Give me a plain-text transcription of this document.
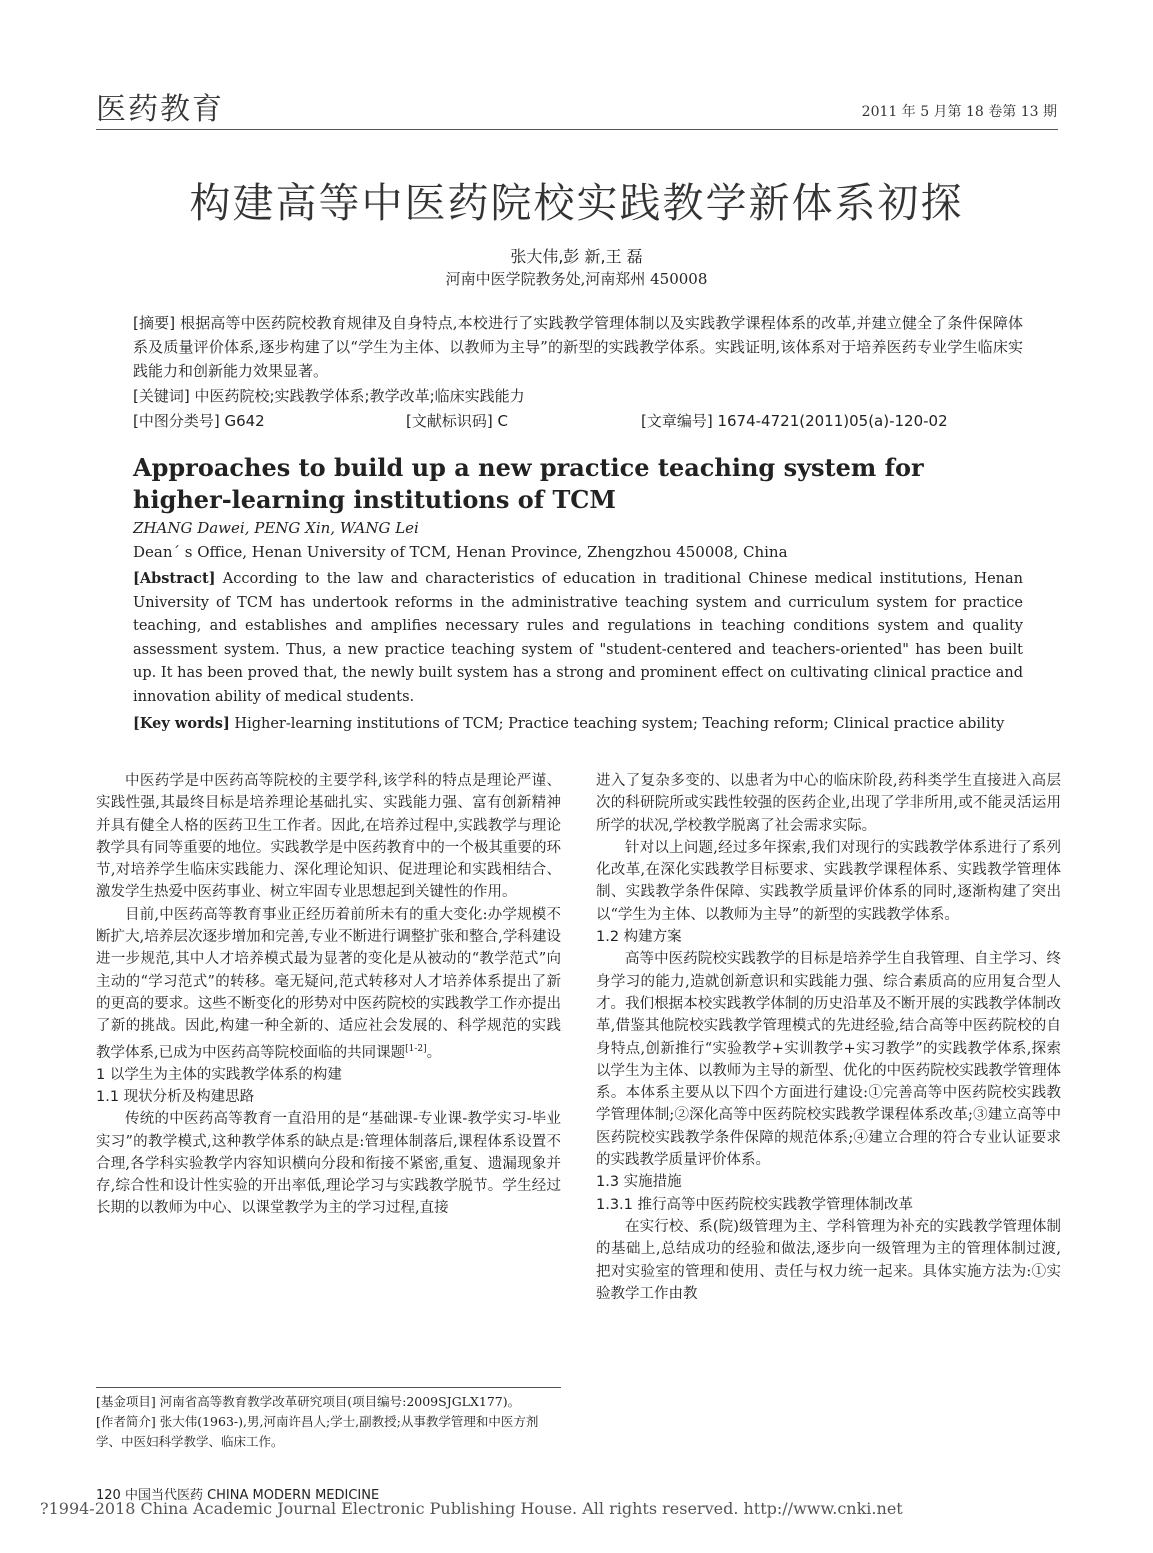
医药教育	2011 年 5 月第 18 卷第 13 期
构建高等中医药院校实践教学新体系初探
张大伟,彭 新,王 磊
河南中医学院教务处,河南郑州 450008
[摘要] 根据高等中医药院校教育规律及自身特点,本校进行了实践教学管理体制以及实践教学课程体系的改革,并建立健全了条件保障体系及质量评价体系,逐步构建了以“学生为主体、以教师为主导”的新型的实践教学体系。实践证明,该体系对于培养医药专业学生临床实践能力和创新能力效果显著。
[关键词] 中医药院校;实践教学体系;教学改革;临床实践能力
[中图分类号] G642	[文献标识码] C	[文章编号] 1674-4721(2011)05(a)-120-02
Approaches to build up a new practice teaching system for higher-learning institutions of TCM
ZHANG Dawei, PENG Xin, WANG Lei
Dean´ s Office, Henan University of TCM, Henan Province, Zhengzhou 450008, China
[Abstract] According to the law and characteristics of education in traditional Chinese medical institutions, Henan University of TCM has undertook reforms in the administrative teaching system and curriculum system for practice teaching, and establishes and amplifies necessary rules and regulations in teaching conditions system and quality assessment system. Thus, a new practice teaching system of "student-centered and teachers-oriented" has been built up. It has been proved that, the newly built system has a strong and prominent effect on cultivating clinical practice and innovation ability of medical students.
[Key words] Higher-learning institutions of TCM; Practice teaching system; Teaching reform; Clinical practice ability

中医药学是中医药高等院校的主要学科,该学科的特点是理论严谨、实践性强,其最终目标是培养理论基础扎实、实践能力强、富有创新精神并具有健全人格的医药卫生工作者。因此,在培养过程中,实践教学与理论教学具有同等重要的地位。实践教学是中医药教育中的一个极其重要的环节,对培养学生临床实践能力、深化理论知识、促进理论和实践相结合、激发学生热爱中医药事业、树立牢固专业思想起到关键性的作用。

目前,中医药高等教育事业正经历着前所未有的重大变化:办学规模不断扩大,培养层次逐步增加和完善,专业不断进行调整扩张和整合,学科建设进一步规范,其中人才培养模式最为显著的变化是从被动的“教学范式”向主动的“学习范式”的转移。毫无疑问,范式转移对人才培养体系提出了新的更高的要求。这些不断变化的形势对中医药院校的实践教学工作亦提出了新的挑战。因此,构建一种全新的、适应社会发展的、科学规范的实践教学体系,已成为中医药高等院校面临的共同课题[1-2]。

1 以学生为主体的实践教学体系的构建

1.1 现状分析及构建思路

传统的中医药高等教育一直沿用的是“基础课-专业课-教学实习-毕业实习”的教学模式,这种教学体系的缺点是:管理体制落后,课程体系设置不合理,各学科实验教学内容知识横向分段和衔接不紧密,重复、遗漏现象并存,综合性和设计性实验的开出率低,理论学习与实践教学脱节。学生经过长期的以教师为中心、以课堂教学为主的学习过程,直接

进入了复杂多变的、以患者为中心的临床阶段,药科类学生直接进入高层次的科研院所或实践性较强的医药企业,出现了学非所用,或不能灵活运用所学的状况,学校教学脱离了社会需求实际。

针对以上问题,经过多年探索,我们对现行的实践教学体系进行了系列化改革,在深化实践教学目标要求、实践教学课程体系、实践教学管理体制、实践教学条件保障、实践教学质量评价体系的同时,逐渐构建了突出以“学生为主体、以教师为主导”的新型的实践教学体系。

1.2 构建方案

高等中医药院校实践教学的目标是培养学生自我管理、自主学习、终身学习的能力,造就创新意识和实践能力强、综合素质高的应用复合型人才。我们根据本校实践教学体制的历史沿革及不断开展的实践教学体制改革,借鉴其他院校实践教学管理模式的先进经验,结合高等中医药院校的自身特点,创新推行“实验教学+实训教学+实习教学”的实践教学体系,探索以学生为主体、以教师为主导的新型、优化的中医药院校实践教学管理体系。本体系主要从以下四个方面进行建设:①完善高等中医药院校实践教学管理体制;②深化高等中医药院校实践教学课程体系改革;③建立高等中医药院校实践教学条件保障的规范体系;④建立合理的符合专业认证要求的实践教学质量评价体系。

1.3 实施措施

1.3.1 推行高等中医药院校实践教学管理体制改革

在实行校、系(院)级管理为主、学科管理为补充的实践教学管理体制的基础上,总结成功的经验和做法,逐步向一级管理为主的管理体制过渡, 把对实验室的管理和使用、责任与权力统一起来。具体实施方法为:①实验教学工作由教

[基金项目] 河南省高等教育教学改革研究项目(项目编号:2009SJGLX177)。

[作者简介] 张大伟(1963-),男,河南许昌人;学士,副教授;从事教学管理和中医方剂学、中医妇科学教学、临床工作。

120 中国当代医药 CHINA MODERN MEDICINE
?1994-2018 China Academic Journal Electronic Publishing House. All rights reserved. http://www.cnki.net
